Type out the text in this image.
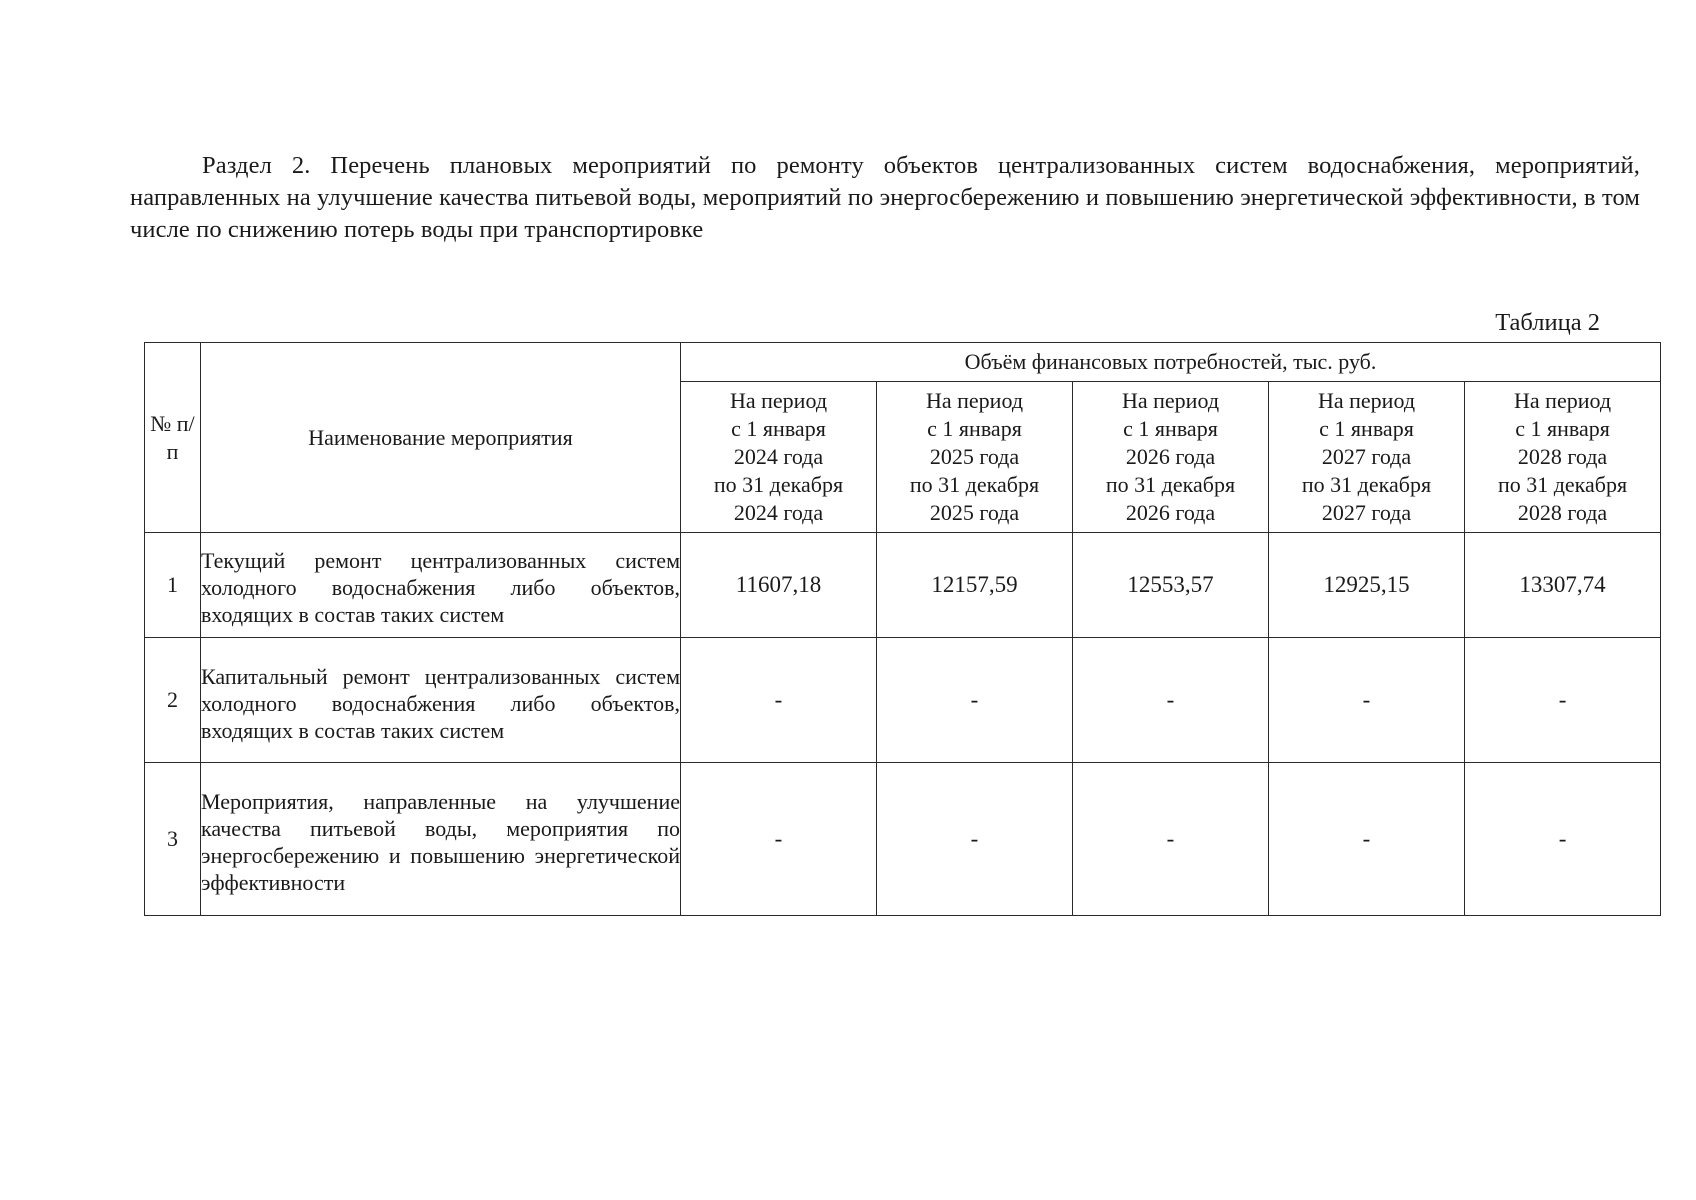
Раздел 2. Перечень плановых мероприятий по ремонту объектов централизованных систем водоснабжения, мероприятий, направленных на улучшение качества питьевой воды, мероприятий по энергосбережению и повышению энергетической эффективности, в том числе по снижению потерь воды при транспортировке
Таблица 2
№ п/п	Наименование мероприятия	Объём финансовых потребностей, тыс. руб.				

		На период
с 1 января
2024 года
по 31 декабря
2024 года	На период
с 1 января
2025 года
по 31 декабря
2025 года	На период
с 1 января
2026 года
по 31 декабря
2026 года	На период
с 1 января
2027 года
по 31 декабря
2027 года	На период
с 1 января
2028 года
по 31 декабря
2028 года

1	Текущий ремонт централизованных систем холодного водоснабжения либо объектов, входящих в состав таких систем	11607,18	12157,59	12553,57	12925,15	13307,74
2	Капитальный ремонт централизованных систем холодного водоснабжения либо объектов, входящих в состав таких систем	-	-	-	-	-
3	Мероприятия, направленные на улучшение качества питьевой воды, мероприятия по энергосбережению и повышению энергетической эффективности	-	-	-	-	-
